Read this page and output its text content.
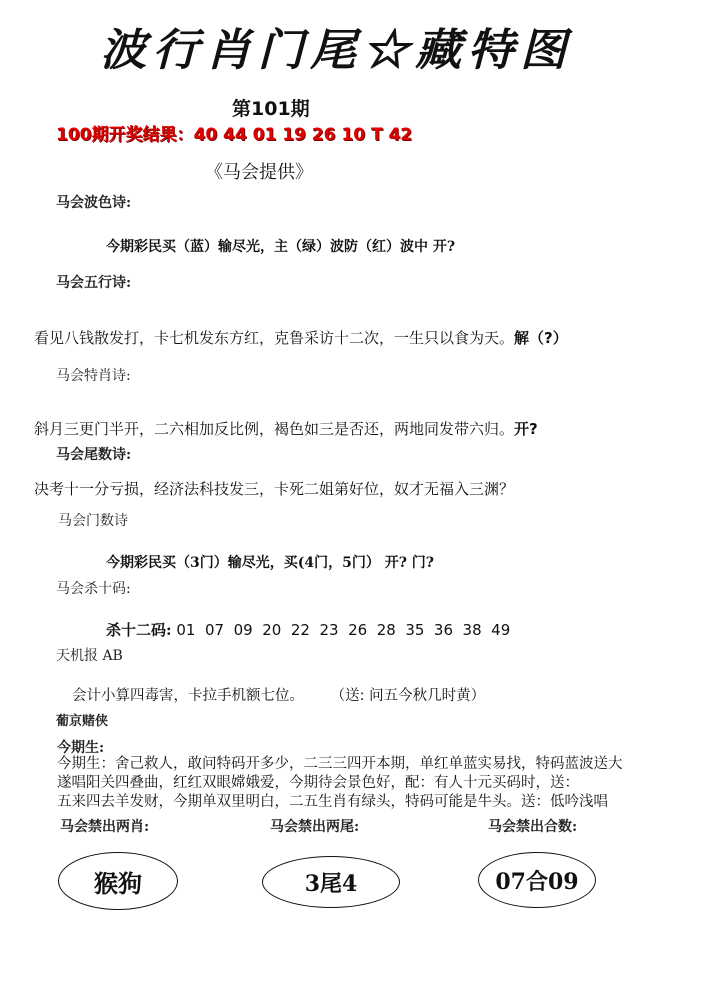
波行肖门尾☆藏特图
第101期
100期开奖结果：40 44 01 19 26 10 T 42
《马会提供》
马会波色诗:
今期彩民买（蓝）输尽光，主（绿）波防（红）波中 开?
马会五行诗:
看见八钱散发打，卡七机发东方红，克鲁采访十二次，一生只以食为天。解（?）
马会特肖诗:
斜月三更门半开，二六相加反比例，褐色如三是否还，两地同发带六归。开?
马会尾数诗:
决考十一分亏损，经济法科技发三，卡死二姐第好位，奴才无福入三渊？
马会门数诗
今期彩民买（3门）输尽光，买(4门，5门） 开? 门?
马会杀十码:
杀十二码: 01  07  09  20  22  23  26  28  35  36  38  49
天机报 AB
会计小算四毒害，卡拉手机额七位。 （送: 问五今秋几时黄）
葡京赌侠
今期生:
今期生：舍己救人，敢问特码开多少，二三三四开本期，单红单蓝实易找，特码蓝波送大
遂唱阳关四叠曲，红红双眼嫦娥爱，今期待会景色好，配：有人十元买码时，送：
五来四去羊发财，今期单双里明白，二五生肖有绿头，特码可能是牛头。送：低吟浅唱
马会禁出两肖:	马会禁出两尾:	马会禁出合数:
猴狗	3尾4	07合09
